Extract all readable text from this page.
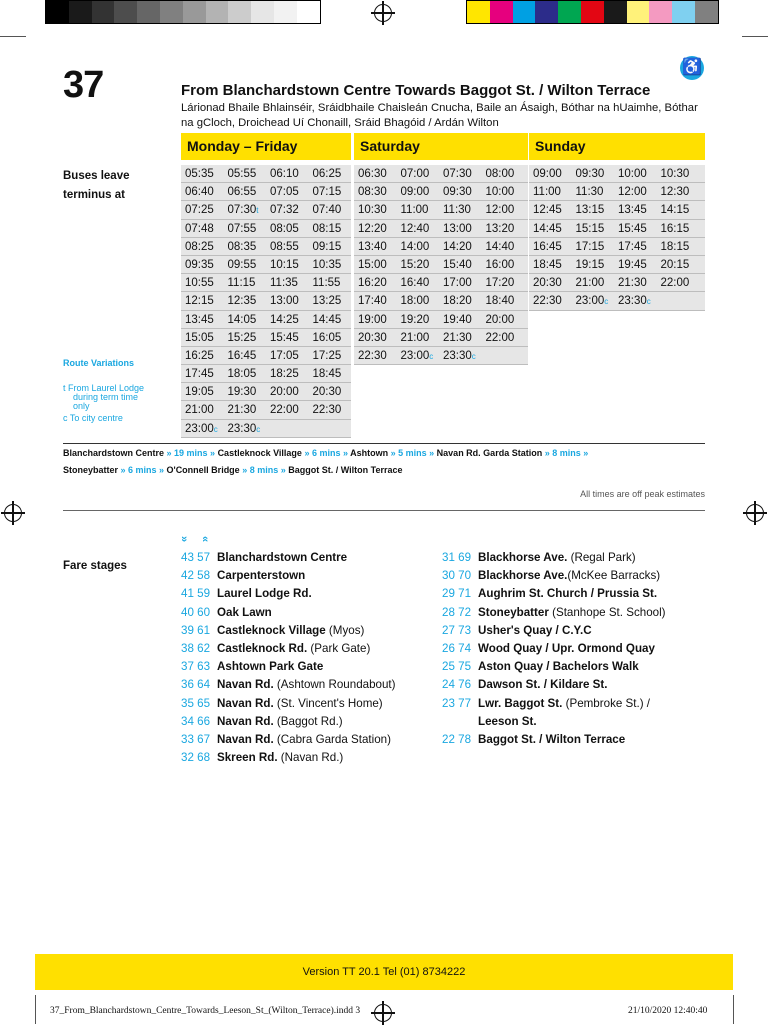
37	♿
From Blanchardstown Centre Towards Baggot St. / Wilton Terrace
Lárionad Bhaile Bhlainséir, Sráidbhaile Chaisleán Cnucha, Baile an Ásaigh, Bóthar na hUaimhe, Bóthar na gCloch, Droichead Uí Chonaill, Sráid Bhagóid / Ardán Wilton
Monday – Friday	Saturday	Sunday
Buses leave terminus at
05:35	05:55	06:10	06:25
06:40	06:55	07:05	07:15
07:25	07:30t 07:32	07:40
07:48	07:55	08:05	08:15
08:25	08:35	08:55	09:15
09:35	09:55	10:15	10:35
10:55	11:15	11:35	11:55
12:15	12:35	13:00	13:25
13:45	14:05	14:25	14:45
15:05	15:25	15:45	16:05
16:25	16:45	17:05	17:25
17:45	18:05	18:25	18:45
19:05	19:30	20:00	20:30
21:00	21:30	22:00	22:30
23:00c 23:30c
06:30	07:00	07:30	08:00
08:30	09:00	09:30	10:00
10:30	11:00	11:30	12:00
12:20	12:40	13:00	13:20
13:40	14:00	14:20	14:40
15:00	15:20	15:40	16:00
16:20	16:40	17:00	17:20
17:40	18:00	18:20	18:40
19:00	19:20	19:40	20:00
20:30	21:00	21:30	22:00
22:30	23:00c 23:30c
09:00	09:30	10:00	10:30
11:00	11:30	12:00	12:30
12:45	13:15	13:45	14:15
14:45	15:15	15:45	16:15
16:45	17:15	17:45	18:15
18:45	19:15	19:45	20:15
20:30	21:00	21:30	22:00
22:30	23:00c 23:30c
Route Variations
t From Laurel Lodge
during term time
only
c To city centre
Blanchardstown Centre » 19 mins » Castleknock Village » 6 mins » Ashtown » 5 mins » Navan Rd. Garda Station » 8 mins »
Stoneybatter » 6 mins » O'Connell Bridge » 8 mins » Baggot St. / Wilton Terrace
All times are off peak estimates
Fare stages
» «
43 57 Blanchardstown Centre
42 58 Carpenterstown
41 59 Laurel Lodge Rd.
40 60 Oak Lawn
39 61 Castleknock Village (Myos)
38 62 Castleknock Rd. (Park Gate)
37 63 Ashtown Park Gate
36 64 Navan Rd. (Ashtown Roundabout)
35 65 Navan Rd. (St. Vincent's Home)
34 66 Navan Rd. (Baggot Rd.)
33 67 Navan Rd. (Cabra Garda Station)
32 68 Skreen Rd. (Navan Rd.)
31 69 Blackhorse Ave. (Regal Park)
30 70 Blackhorse Ave.(McKee Barracks)
29 71 Aughrim St. Church / Prussia St.
28 72 Stoneybatter (Stanhope St. School)
27 73 Usher's Quay / C.Y.C
26 74 Wood Quay / Upr. Ormond Quay
25 75 Aston Quay / Bachelors Walk
24 76 Dawson St. / Kildare St.
23 77 Lwr. Baggot St. (Pembroke St.) /
Leeson St.
22 78 Baggot St. / Wilton Terrace
Version TT 20.1 Tel (01) 8734222
37_From_Blanchardstown_Centre_Towards_Leeson_St_(Wilton_Terrace).indd 3	21/10/2020 12:40:40
